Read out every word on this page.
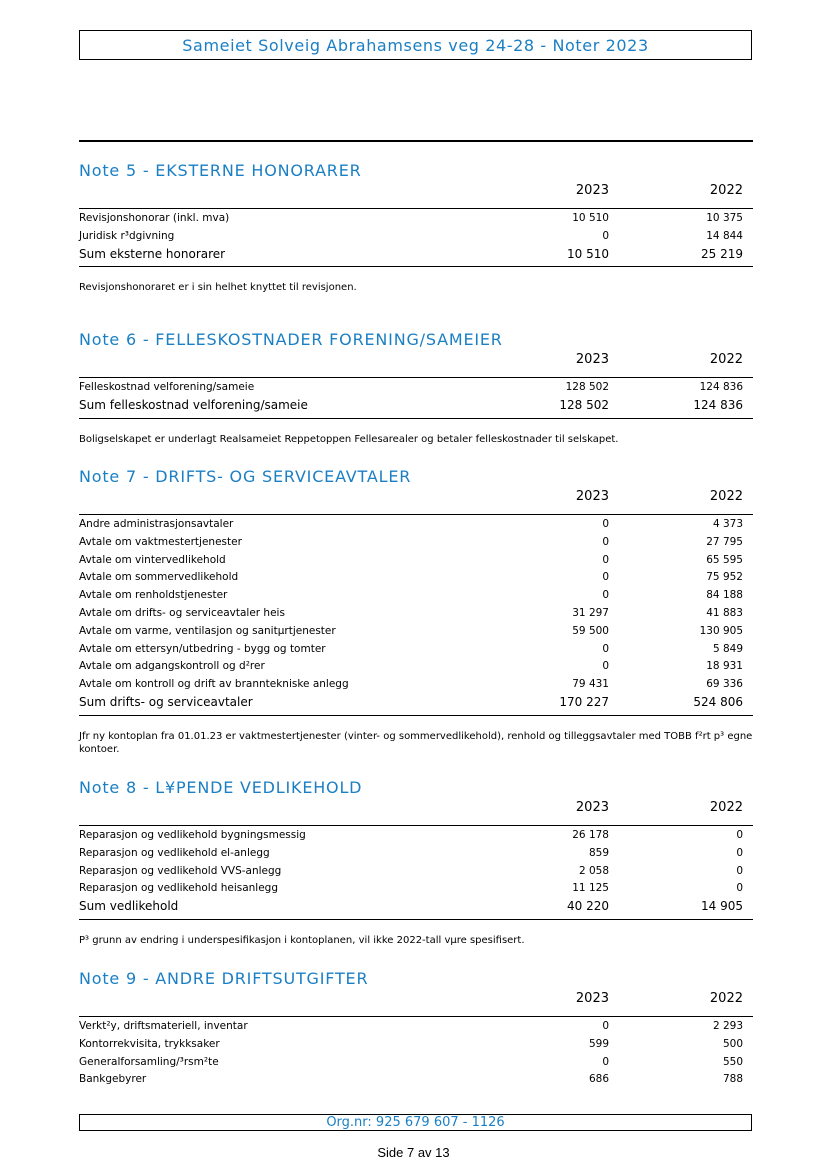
Sameiet Solveig Abrahamsens veg 24-28 - Noter 2023
Note 5 - EKSTERNE HONORARER
2023	2022
Revisjonshonorar (inkl. mva)	10 510	10 375
Juridisk r³dgivning	0	14 844
Sum eksterne honorarer	10 510	25 219
Revisjonshonoraret er i sin helhet knyttet til revisjonen.
Note 6 - FELLESKOSTNADER FORENING/SAMEIER
2023	2022
Felleskostnad velforening/sameie	128 502	124 836
Sum felleskostnad velforening/sameie	128 502	124 836
Boligselskapet er underlagt Realsameiet Reppetoppen Fellesarealer og betaler felleskostnader til selskapet.
Note 7 - DRIFTS- OG SERVICEAVTALER
2023	2022
Andre administrasjonsavtaler	0	4 373
Avtale om vaktmestertjenester	0	27 795
Avtale om vintervedlikehold	0	65 595
Avtale om sommervedlikehold	0	75 952
Avtale om renholdstjenester	0	84 188
Avtale om drifts- og serviceavtaler heis	31 297	41 883
Avtale om varme, ventilasjon og sanitµrtjenester	59 500	130 905
Avtale om ettersyn/utbedring - bygg og tomter	0	5 849
Avtale om adgangskontroll og d²rer	0	18 931
Avtale om kontroll og drift av branntekniske anlegg	79 431	69 336
Sum drifts- og serviceavtaler	170 227	524 806
Jfr ny kontoplan fra 01.01.23 er vaktmestertjenester (vinter- og sommervedlikehold), renhold og tilleggsavtaler med TOBB f²rt p³ egne kontoer.
Note 8 - L¥PENDE VEDLIKEHOLD
2023	2022
Reparasjon og vedlikehold bygningsmessig	26 178	0
Reparasjon og vedlikehold el-anlegg	859	0
Reparasjon og vedlikehold VVS-anlegg	2 058	0
Reparasjon og vedlikehold heisanlegg	11 125	0
Sum vedlikehold	40 220	14 905
P³ grunn av endring i underspesifikasjon i kontoplanen, vil ikke 2022-tall vµre spesifisert.
Note 9 - ANDRE DRIFTSUTGIFTER
2023	2022
Verkt²y, driftsmateriell, inventar	0	2 293
Kontorrekvisita, trykksaker	599	500
Generalforsamling/³rsm²te	0	550
Bankgebyrer	686	788
Org.nr: 925 679 607 - 1126
Side 7 av 13
